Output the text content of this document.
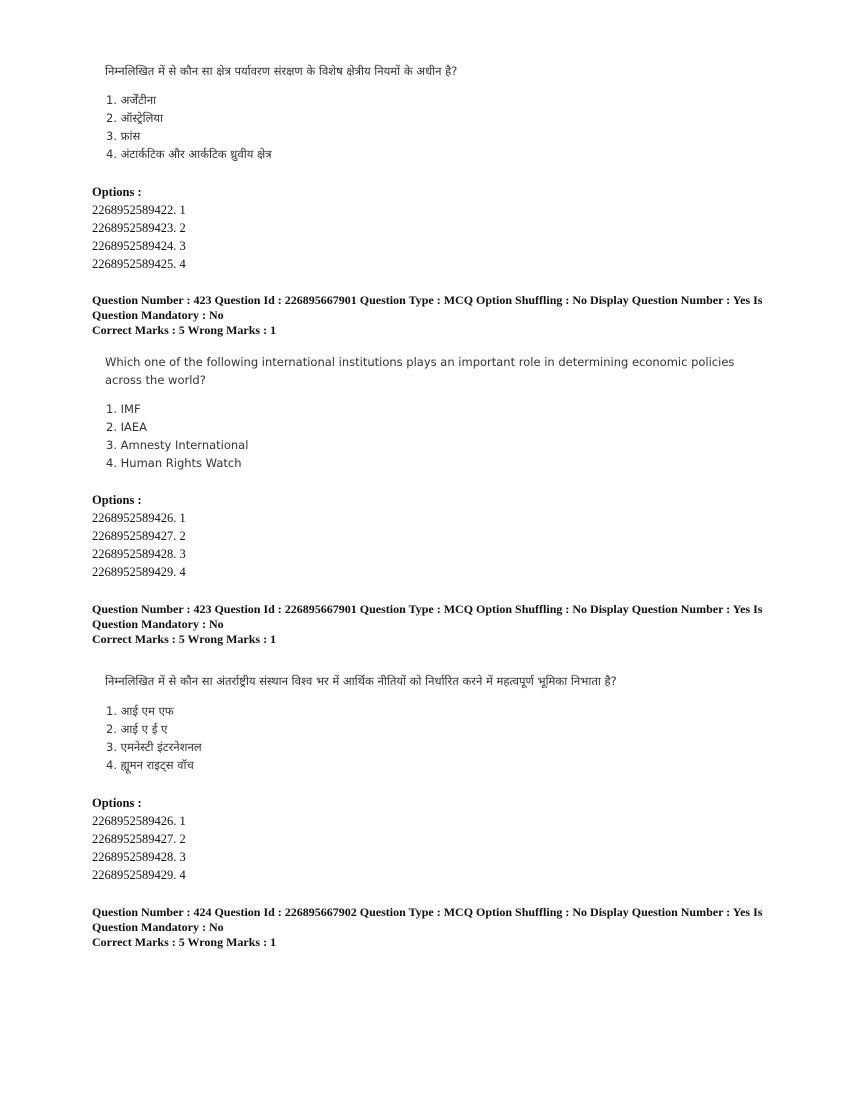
निम्नलिखित में से कौन सा क्षेत्र पर्यावरण संरक्षण के विशेष क्षेत्रीय नियमों के अधीन है?
1. अर्जेंटीना
2. ऑस्ट्रेलिया
3. फ्रांस
4. अंटार्कटिक और आर्कटिक ध्रुवीय क्षेत्र
Options :
2268952589422. 1
2268952589423. 2
2268952589424. 3
2268952589425. 4
Question Number : 423 Question Id : 226895667901 Question Type : MCQ Option Shuffling : No Display Question Number : Yes Is Question Mandatory : No
Correct Marks : 5 Wrong Marks : 1
Which one of the following international institutions plays an important role in determining economic policies across the world?
1. IMF
2. IAEA
3. Amnesty International
4. Human Rights Watch
Options :
2268952589426. 1
2268952589427. 2
2268952589428. 3
2268952589429. 4
Question Number : 423 Question Id : 226895667901 Question Type : MCQ Option Shuffling : No Display Question Number : Yes Is Question Mandatory : No
Correct Marks : 5 Wrong Marks : 1
निम्नलिखित में से कौन सा अंतर्राष्ट्रीय संस्थान विश्व भर में आर्थिक नीतियों को निर्धारित करने में महत्वपूर्ण भूमिका निभाता है?
1. आई एम एफ
2. आई ए ई ए
3. एमनेस्टी इंटरनेशनल
4. ह्यूमन राइट्स वॉच
Options :
2268952589426. 1
2268952589427. 2
2268952589428. 3
2268952589429. 4
Question Number : 424 Question Id : 226895667902 Question Type : MCQ Option Shuffling : No Display Question Number : Yes Is Question Mandatory : No
Correct Marks : 5 Wrong Marks : 1
